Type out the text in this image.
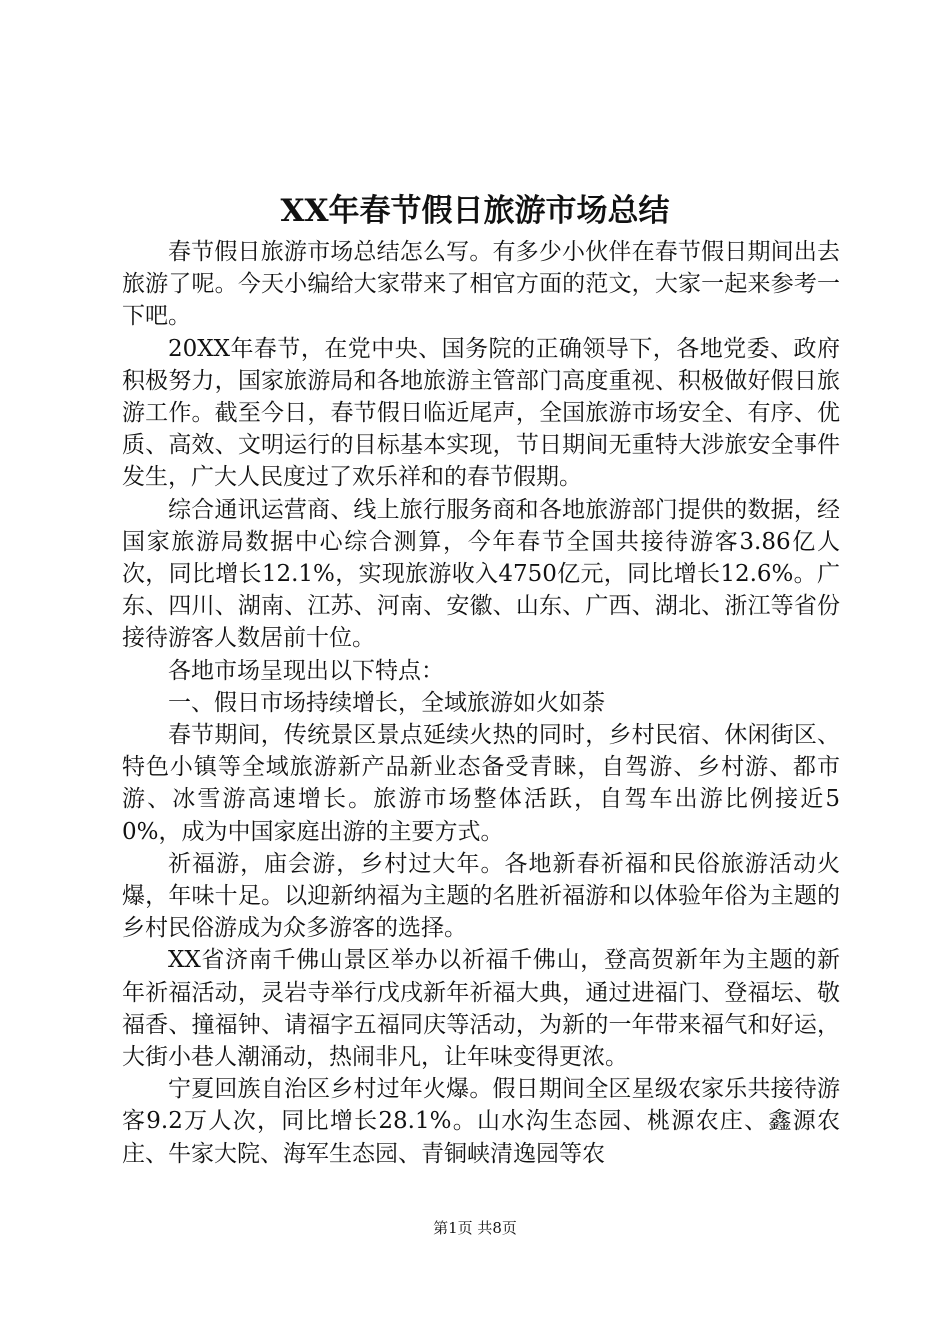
XX年春节假日旅游市场总结

春节假日旅游市场总结怎么写。有多少小伙伴在春节假日期间出去旅游了呢。今天小编给大家带来了相官方面的范文，大家一起来参考一下吧。

20XX年春节，在党中央、国务院的正确领导下，各地党委、政府积极努力，国家旅游局和各地旅游主管部门高度重视、积极做好假日旅游工作。截至今日，春节假日临近尾声，全国旅游市场安全、有序、优质、高效、文明运行的目标基本实现，节日期间无重特大涉旅安全事件发生，广大人民度过了欢乐祥和的春节假期。

综合通讯运营商、线上旅行服务商和各地旅游部门提供的数据，经国家旅游局数据中心综合测算，今年春节全国共接待游客3.86亿人次，同比增长12.1%，实现旅游收入4750亿元，同比增长12.6%。广东、四川、湖南、江苏、河南、安徽、山东、广西、湖北、浙江等省份接待游客人数居前十位。

各地市场呈现出以下特点：

一、假日市场持续增长，全域旅游如火如荼

春节期间，传统景区景点延续火热的同时，乡村民宿、休闲街区、特色小镇等全域旅游新产品新业态备受青睐，自驾游、乡村游、都市游、冰雪游高速增长。旅游市场整体活跃，自驾车出游比例接近50%，成为中国家庭出游的主要方式。

祈福游，庙会游，乡村过大年。各地新春祈福和民俗旅游活动火爆，年味十足。以迎新纳福为主题的名胜祈福游和以体验年俗为主题的乡村民俗游成为众多游客的选择。

XX省济南千佛山景区举办以祈福千佛山，登高贺新年为主题的新年祈福活动，灵岩寺举行戊戌新年祈福大典，通过进福门、登福坛、敬福香、撞福钟、请福字五福同庆等活动，为新的一年带来福气和好运，大街小巷人潮涌动，热闹非凡，让年味变得更浓。

宁夏回族自治区乡村过年火爆。假日期间全区星级农家乐共接待游客9.2万人次，同比增长28.1%。山水沟生态园、桃源农庄、鑫源农庄、牛家大院、海军生态园、青铜峡清逸园等农

第1页 共8页
